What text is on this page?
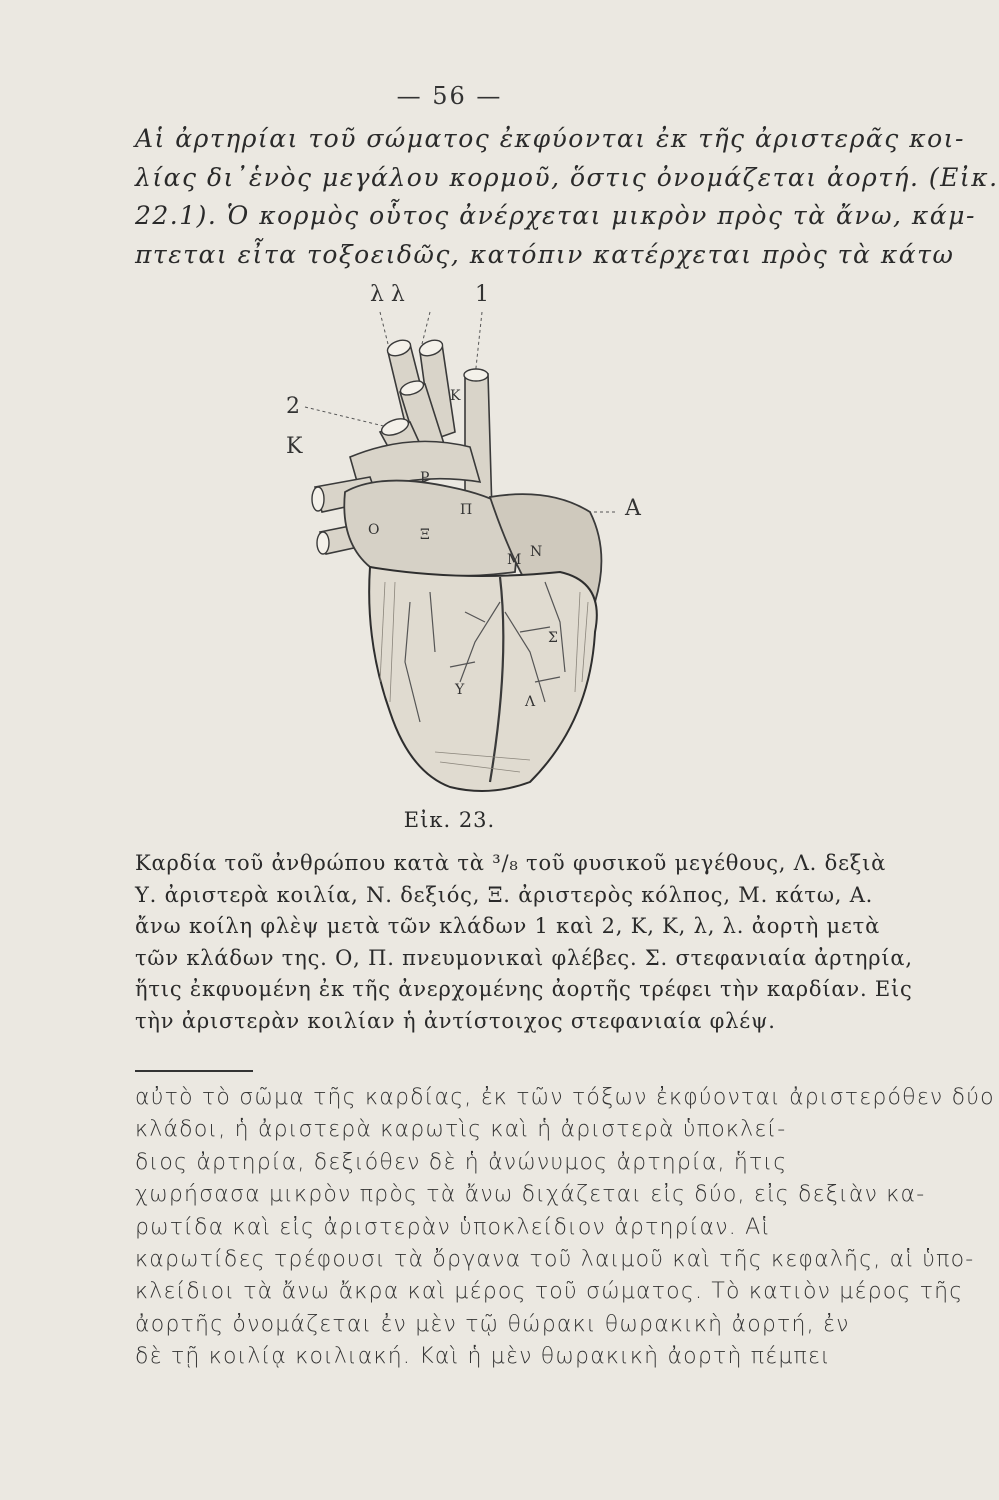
— 56 —
Αἱ ἀρτηρίαι τοῦ σώματος ἐκφύονται ἐκ τῆς ἀριστερᾶς κοι-
λίας δι᾽ἑνὸς μεγάλου κορμοῦ, ὅστις ὀνομάζεται ἀορτή. (Εἰκ.
22.1). Ὁ κορμὸς οὗτος ἀνέρχεται μικρὸν πρὸς τὰ ἄνω, κάμ-
πτεται εἶτα τοξοειδῶς, κατόπιν κατέρχεται πρὸς τὰ κάτω
λ λ	1
2
Κ
Κ
Ρ
Π
Ο	Ξ
Μ Ν
Σ
Υ
Λ
Α
Εἰκ. 23.
Καρδία τοῦ ἀνθρώπου κατὰ τὰ ³/₈ τοῦ φυσικοῦ μεγέθους, Λ. δεξιὰ
Υ. ἀριστερὰ κοιλία, Ν. δεξιός, Ξ. ἀριστερὸς κόλπος, Μ. κάτω, Α.
ἄνω κοίλη φλὲψ μετὰ τῶν κλάδων 1 καὶ 2, Κ, Κ, λ, λ. ἀορτὴ μετὰ
τῶν κλάδων της. Ο, Π. πνευμονικαὶ φλέβες. Σ. στεφανιαία ἀρτηρία,
ἥτις ἐκφυομένη ἐκ τῆς ἀνερχομένης ἀορτῆς τρέφει τὴν καρδίαν. Εἰς
τὴν ἀριστερὰν κοιλίαν ἡ ἀντίστοιχος στεφανιαία φλέψ.
αὐτὸ τὸ σῶμα τῆς καρδίας, ἐκ τῶν τόξων ἐκφύονται ἀριστερόθεν δύο
κλάδοι, ἡ ἀριστερὰ καρωτὶς καὶ ἡ ἀριστερὰ ὑποκλεί-
διος ἀρτηρία, δεξιόθεν δὲ ἡ ἀνώνυμος ἀρτηρία, ἥτις
χωρήσασα μικρὸν πρὸς τὰ ἄνω διχάζεται εἰς δύο, εἰς δεξιὰν κα-
ρωτίδα καὶ εἰς ἀριστερὰν ὑποκλείδιον ἀρτηρίαν. Αἱ
καρωτίδες τρέφουσι τὰ ὄργανα τοῦ λαιμοῦ καὶ τῆς κεφαλῆς, αἱ ὑπο-
κλείδιοι τὰ ἄνω ἄκρα καὶ μέρος τοῦ σώματος. Τὸ κατιὸν μέρος τῆς
ἀορτῆς ὀνομάζεται ἐν μὲν τῷ θώρακι θωρακικὴ ἀορτή, ἐν
δὲ τῇ κοιλίᾳ κοιλιακή. Καὶ ἡ μὲν θωρακικὴ ἀορτὴ πέμπει
